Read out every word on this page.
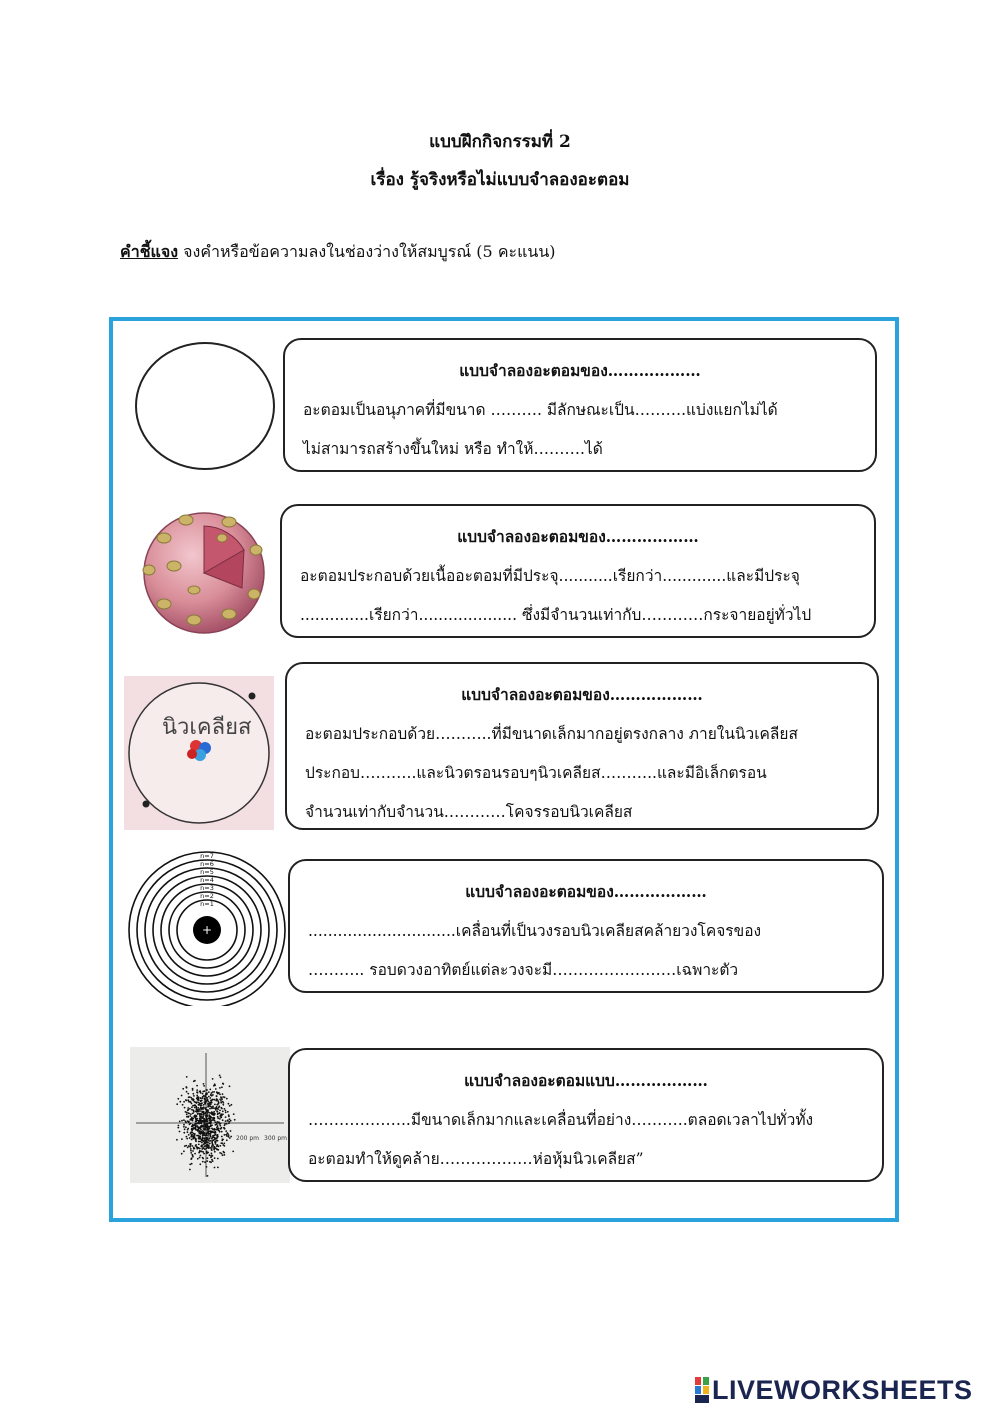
แบบฝึกกิจกรรมที่ 2
เรื่อง รู้จริงหรือไม่แบบจำลองอะตอม
คำชี้แจง จงคำหรือข้อความลงในช่องว่างให้สมบูรณ์ (5 คะแนน)
นิวเคลียส
n=7
n=6
n=5
n=4
n=3
n=2
n=1
+
200 pm 300 pm
แบบจำลองอะตอมของ………………
อะตอมเป็นอนุภาคที่มีขนาด ………. มีลักษณะเป็น……….แบ่งแยกไม่ได้
ไม่สามารถสร้างขึ้นใหม่ หรือ ทำให้……….ได้
แบบจำลองอะตอมของ………………
อะตอมประกอบด้วยเนื้ออะตอมที่มีประจุ...........เรียกว่า.............และมีประจุ
..............เรียกว่า.................... ซึ่งมีจำนวนเท่ากับ…………กระจายอยู่ทั่วไป
แบบจำลองอะตอมของ………………
อะตอมประกอบด้วย………..ที่มีขนาดเล็กมากอยู่ตรงกลาง ภายในนิวเคลียส
ประกอบ………..และนิวตรอนรอบๆนิวเคลียส………..และมีอิเล็กตรอน
จำนวนเท่ากับจำนวน…………โคจรรอบนิวเคลียส
แบบจำลองอะตอมของ………………
..............................เคลื่อนที่เป็นวงรอบนิวเคลียสคล้ายวงโคจรของ
……….. รอบดวงอาทิตย์แต่ละวงจะมี……………………เฉพาะตัว
แบบจำลองอะตอมแบบ………………
………………..มีขนาดเล็กมากและเคลื่อนที่อย่าง………..ตลอดเวลาไปทั่วทั้ง
อะตอมทำให้ดูคล้าย………………ห่อหุ้มนิวเคลียส”
LIVEWORKSHEETS
